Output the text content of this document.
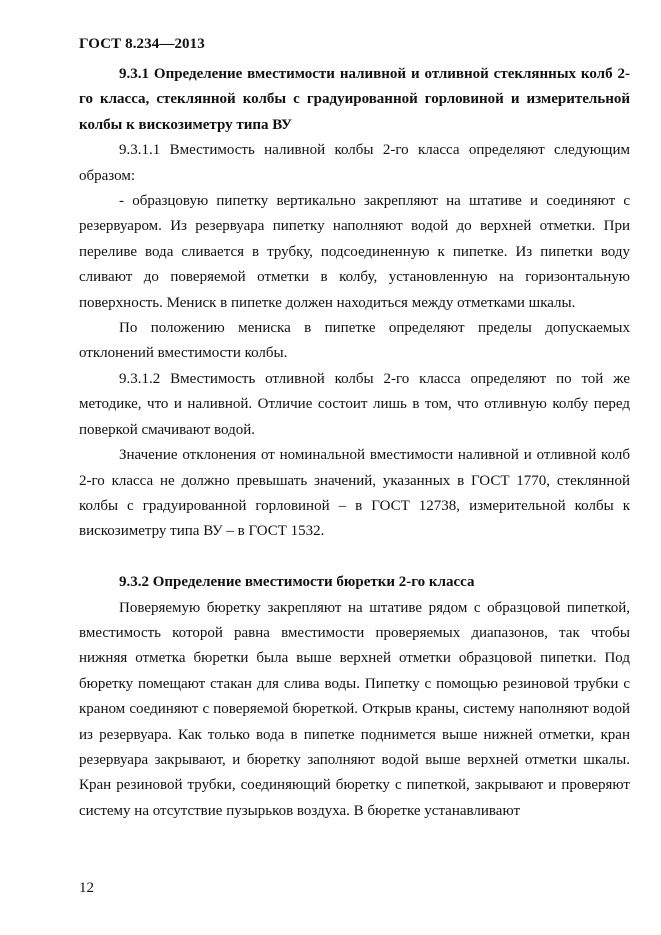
ГОСТ 8.234—2013

9.3.1 Определение вместимости наливной и отливной стеклянных колб 2-го класса, стеклянной колбы с градуированной горловиной и измерительной колбы к вискозиметру типа ВУ

9.3.1.1 Вместимость наливной колбы 2-го класса определяют следующим образом:

- образцовую пипетку вертикально закрепляют на штативе и соединяют с резервуаром. Из резервуара пипетку наполняют водой до верхней отметки. При переливе вода сливается в трубку, подсоединенную к пипетке. Из пипетки воду сливают до поверяемой отметки в колбу, установленную на горизонтальную поверхность. Мениск в пипетке должен находиться между отметками шкалы.

По положению мениска в пипетке определяют пределы допускаемых отклонений вместимости колбы.

9.3.1.2 Вместимость отливной колбы 2-го класса определяют по той же методике, что и наливной. Отличие состоит лишь в том, что отливную колбу перед поверкой смачивают водой.

Значение отклонения от номинальной вместимости наливной и отливной колб 2-го класса не должно превышать значений, указанных в ГОСТ 1770, стеклянной колбы с градуированной горловиной – в ГОСТ 12738, измерительной колбы к вискозиметру типа ВУ – в ГОСТ 1532.

9.3.2 Определение вместимости бюретки 2-го класса

Поверяемую бюретку закрепляют на штативе рядом с образцовой пипеткой, вместимость которой равна вместимости проверяемых диапазонов, так чтобы нижняя отметка бюретки была выше верхней отметки образцовой пипетки. Под бюретку помещают стакан для слива воды. Пипетку с помощью резиновой трубки с краном соединяют с поверяемой бюреткой. Открыв краны, систему наполняют водой из резервуара. Как только вода в пипетке поднимется выше нижней отметки, кран резервуара закрывают, и бюретку заполняют водой выше верхней отметки шкалы. Кран резиновой трубки, соединяющий бюретку с пипеткой, закрывают и проверяют систему на отсутствие пузырьков воздуха. В бюретке устанавливают

12
